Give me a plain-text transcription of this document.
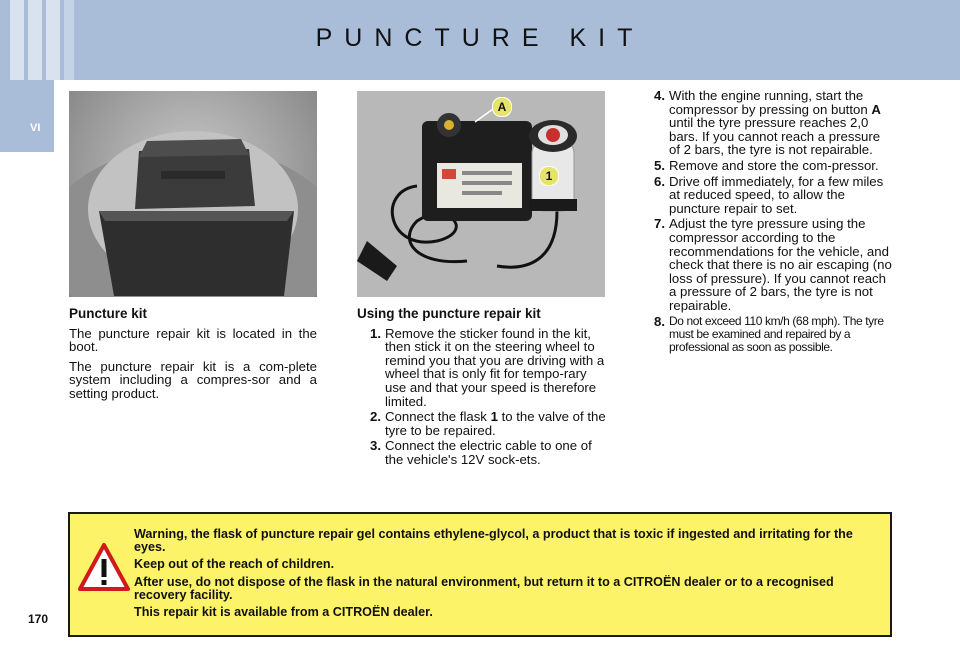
PUNCTURE KIT
VI
A
1
Puncture kit
The puncture repair kit is located in the boot.
The puncture repair kit is a com-plete system including a compres-sor and a setting product.
Using the puncture repair kit
1. Remove the sticker found in the kit, then stick it on the steering wheel to remind you that you are driving with a wheel that is only fit for tempo-rary use and that your speed is therefore limited.
2. Connect the flask 1 to the valve of the tyre to be repaired.
3. Connect the electric cable to one of the vehicle's 12V sock-ets.
4. With the engine running, start the compressor by pressing on button A until the tyre pressure reaches 2,0 bars. If you cannot reach a pressure of 2 bars, the tyre is not repairable.
5. Remove and store the com-pressor.
6. Drive off immediately, for a few miles at reduced speed, to allow the puncture repair to set.
7. Adjust the tyre pressure using the compressor according to the recommendations for the vehicle, and check that there is no air escaping (no loss of pressure). If you cannot reach a pressure of 2 bars, the tyre is not repairable.
8. Do not exceed 110 km/h (68 mph). The tyre must be examined and repaired by a professional as soon as possible.
Warning, the flask of puncture repair gel contains ethylene-glycol, a product that is toxic if ingested and irritating for the eyes.
Keep out of the reach of children.
After use, do not dispose of the flask in the natural environment, but return it to a CITROËN dealer or to a recognised recovery facility.
This repair kit is available from a CITROËN dealer.
170
